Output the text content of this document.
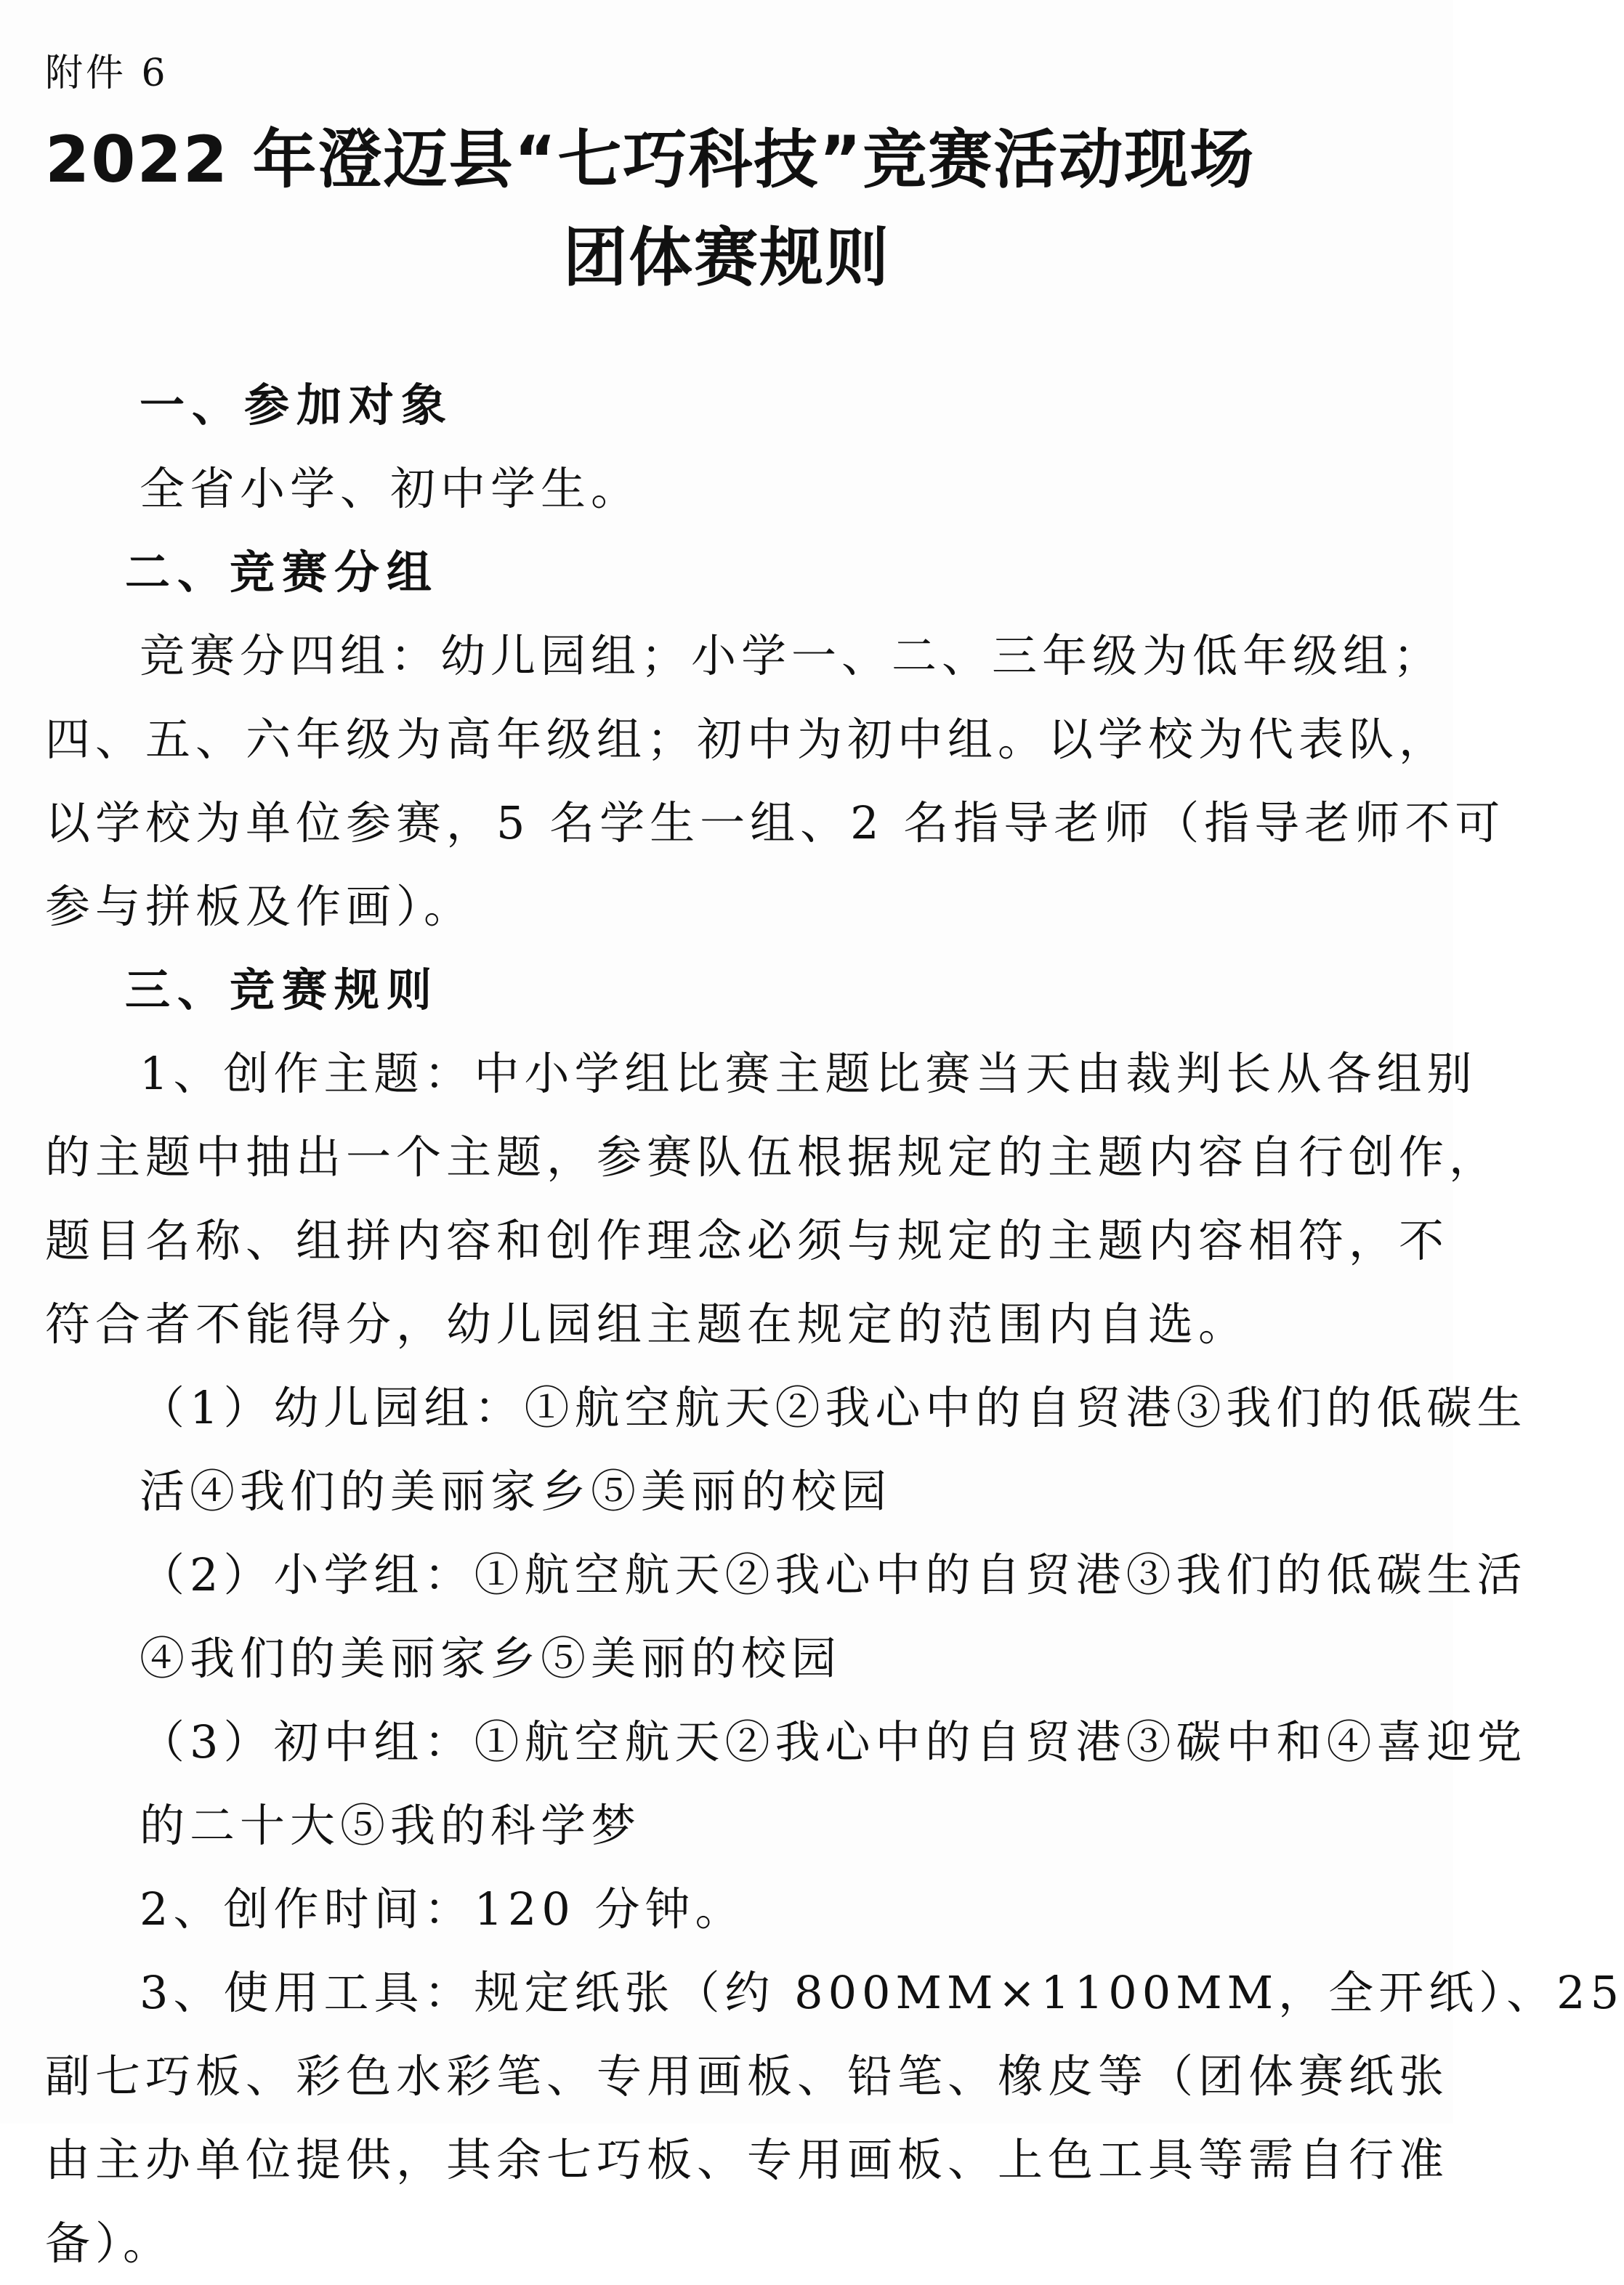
附件 6
2022 年澄迈县“七巧科技”竞赛活动现场
团体赛规则
一、参加对象
全省小学、初中学生。
二、竞赛分组
竞赛分四组：幼儿园组；小学一、二、三年级为低年级组；
四、五、六年级为高年级组；初中为初中组。以学校为代表队，
以学校为单位参赛，5 名学生一组、2 名指导老师（指导老师不可
参与拼板及作画）。
三、竞赛规则
1、创作主题：中小学组比赛主题比赛当天由裁判长从各组别
的主题中抽出一个主题，参赛队伍根据规定的主题内容自行创作，
题目名称、组拼内容和创作理念必须与规定的主题内容相符，不
符合者不能得分，幼儿园组主题在规定的范围内自选。
（1）幼儿园组：①航空航天②我心中的自贸港③我们的低碳生
活④我们的美丽家乡⑤美丽的校园
（2）小学组：①航空航天②我心中的自贸港③我们的低碳生活
④我们的美丽家乡⑤美丽的校园
（3）初中组：①航空航天②我心中的自贸港③碳中和④喜迎党
的二十大⑤我的科学梦
2、创作时间：120 分钟。
3、使用工具：规定纸张（约 800MM×1100MM，全开纸）、25
副七巧板、彩色水彩笔、专用画板、铅笔、橡皮等（团体赛纸张
由主办单位提供，其余七巧板、专用画板、上色工具等需自行准
备）。
